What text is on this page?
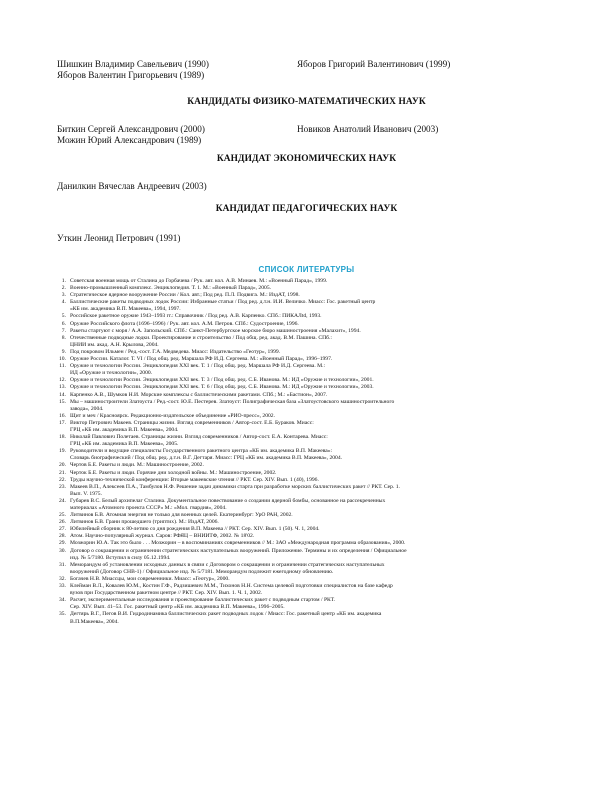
Шишкин Владимир Савельевич (1990)	Яборов Григорий Валентинович (1999)
Яборов Валентин Григорьевич (1989)
КАНДИДАТЫ ФИЗИКО-МАТЕМАТИЧЕСКИХ НАУК
Биткин Сергей Александрович (2000)	Новиков Анатолий Иванович (2003)
Можин Юрий Александрович (1989)
КАНДИДАТ ЭКОНОМИЧЕСКИХ НАУК
Данилкин Вячеслав Андреевич (2003)
КАНДИДАТ ПЕДАГОГИЧЕСКИХ НАУК
Уткин Леонид Петрович (1991)
СПИСОК ЛИТЕРАТУРЫ
1. Советская военная мощь от Сталина до Горбачева / Рук. авт. кол. А.В. Минаев. М.: «Военный Парад», 1999.
2. Военно-промышленный комплекс. Энциклопедия. Т. 1. М.: «Военный Парад», 2005.
3. Стратегическое ядерное вооружение России / Кол. авт.; Под ред. П.Л. Подвига. М.: ИздАТ, 1998.
4. Баллистические ракеты подводных лодок России: Избранные статьи / Под ред. д.т.н. И.И. Величко. Миасс: Гос. ракетный центр
«КБ им. академика В.П. Макеева», 1994, 1997.
5. Российское ракетное оружие 1943–1993 гг.: Справочник / Под ред. А.В. Карпенко. СПб.: ПИКАЛtd, 1993.
6. Оружие Российского флота (1696–1996) / Рук. авт. кол. А.М. Петров. СПб.: Судостроение, 1996.
7. Ракеты стартуют с моря / А.А. Запольский. СПб.: Санкт-Петербургское морское бюро машиностроения «Малахит», 1994.
8. Отечественные подводные лодки. Проектирование и строительство / Под общ. ред. акад. В.М. Пашина. СПб.:
ЦНИИ им. акад. А.Н. Крылова, 2004.
9. Под покровом Ильмен / Ред.-сост. Г.А. Медведева. Миасс: Издательство «Геотур», 1999.
10. Оружие России. Каталог. Т. VI / Под общ. ред. Маршала РФ И.Д. Сергеева. М.: «Военный Парад», 1996–1997.
11. Оружие и технологии России. Энциклопедия XXI век. Т. 1 / Под общ. ред. Маршала РФ И.Д. Сергеева. М.:
ИД «Оружие и технологии», 2000.
12. Оружие и технологии России. Энциклопедия XXI век. Т. 3 / Под общ. ред. С.Б. Иванова. М.: ИД «Оружие и технологии», 2001.
13. Оружие и технологии России. Энциклопедия XXI век. Т. 6 / Под общ. ред. С.Б. Иванова. М.: ИД «Оружие и технологии», 2003.
14. Карпенко А.В., Шумков Н.И. Морские комплексы с баллистическими ракетами. СПб.; М.: «Бастион», 2007.
15. Мы – машиностроители Златоуста / Ред.-сост. Ю.Е. Пестерев. Златоуст: Полиграфическая база «Златоустовского машиностроительного
завода», 2004.
16. Щит и меч / Красноярск. Редакционно-издательское объединение «РИО-пресс», 2002.
17. Виктор Петрович Макеев. Страницы жизни. Взгляд современников / Автор-сост. Е.Б. Бураков. Миасс:
ГРЦ «КБ им. академика В.П. Макеева», 2004.
18. Николай Павлович Полетаев. Страницы жизни. Взгляд современников / Автор-сост. Е.А. Контарева. Миасс:
ГРЦ «КБ им. академика В.П. Макеева», 2005.
19. Руководители и ведущие специалисты Государственного ракетного центра «КБ им. академика В.П. Макеева»:
Словарь биографический / Под общ. ред. д.т.н. В.Г. Дегтаря. Миасс: ГРЦ «КБ им. академика В.П. Макеева», 2004.
20. Чертов Б.Е. Ракеты и люди. М.: Машиностроение, 2002.
21. Черток Б.Е. Ракеты и люди. Горячие дни холодной войны. М.: Машиностроение, 2002.
22. Труды научно-технической конференции: Вторые макеевские чтения // РКТ. Сер. XIV. Вып. 1 (40), 1996.
23. Макеев В.П., Алексеев П.А., Тамбулов Н.Ф. Решение задач динамики старта при разработке морских баллистических ракет // РКТ. Сер. 1.
Вып. V. 1975.
24. Губарев В.С. Белый архипелаг Сталина. Документальное повествование о создании ядерной бомбы, основанное на рассекреченных
материалах «Атомного проекта СССР» М.: «Мол. гвардия», 2004.
25. Литвинов Б.В. Атомная энергия не только для военных целей. Екатеринбург: УрО РАН, 2002.
26. Литвинов Б.В. Грани прошедшего (триптих). М.: ИздАТ, 2006.
27. Юбилейный сборник к 80-летию со дня рождения В.П. Макеева // РКТ. Сер. XIV. Вып. 1 (50). Ч. 1, 2004.
28. Атом. Научно-популярный журнал. Саров: РФЯЦ – ВНИИТФ, 2002. № 18'02.
29. Мозжорин Ю.А. Так это было . . . Мозжорин – в воспоминаниях современников // М.: ЗАО «Международная программа образования», 2000.
30. Договор о сокращении и ограничении стратегических наступательных вооружений. Приложение. Термины и их определения / Официальное
изд. № 5/7180. Вступил в силу 05.12.1994.
31. Меморандум об установлении исходных данных в связи с Договором о сокращении и ограничении стратегических наступательных
вооружений (Договор СНВ-1) / Официальное изд. № 5/7181. Меморандум подлежит ежегодному обновлению.
32. Богачев Н.В. Миассцы, мои современники. Миасс: «Геотур», 2000.
33. Клейман В.Л., Ковалев Ю.М., Костин Г.Ф., Радзишевич М.М., Тихонов Н.Н. Система целевой подготовки специалистов на базе кафедр
вузов при Государственном ракетном центре // РКТ. Сер. XIV. Вып. 1. Ч. 1, 2002.
34. Расчет, экспериментальные исследования и проектирование баллистических ракет с подводным стартом / РКТ.
Сер. XIV. Вып. 41–53. Гос. ракетный центр «КБ им. академика В.П. Макеева», 1996–2005.
35. Дегтярь В.Г., Пегов В.И. Гидродинамика баллистических ракет подводных лодок / Миасс: Гос. ракетный центр «КБ им. академика
В.П.Макеева», 2004.
